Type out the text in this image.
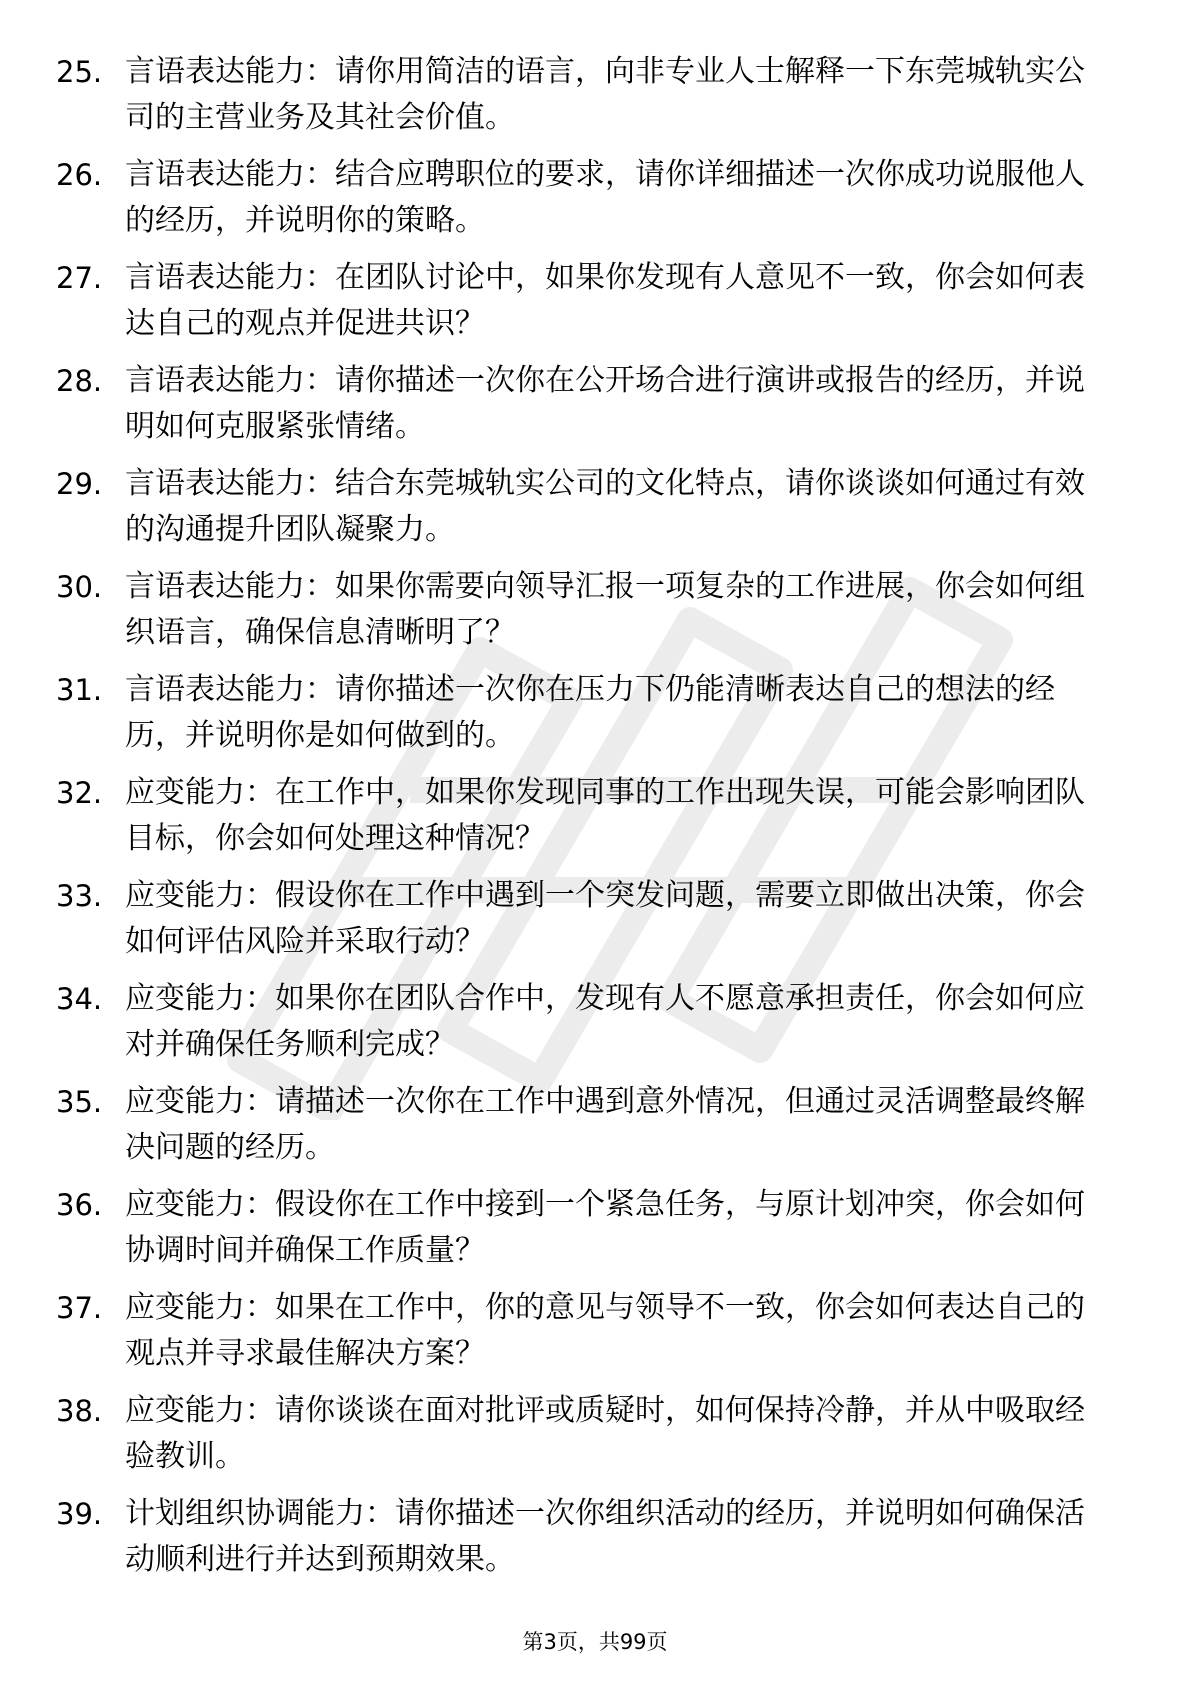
25. 言语表达能力：请你用简洁的语言，向非专业人士解释一下东莞城轨实公司的主营业务及其社会价值。
26. 言语表达能力：结合应聘职位的要求，请你详细描述一次你成功说服他人的经历，并说明你的策略。
27. 言语表达能力：在团队讨论中，如果你发现有人意见不一致，你会如何表达自己的观点并促进共识？
28. 言语表达能力：请你描述一次你在公开场合进行演讲或报告的经历，并说明如何克服紧张情绪。
29. 言语表达能力：结合东莞城轨实公司的文化特点，请你谈谈如何通过有效的沟通提升团队凝聚力。
30. 言语表达能力：如果你需要向领导汇报一项复杂的工作进展，你会如何组织语言，确保信息清晰明了？
31. 言语表达能力：请你描述一次你在压力下仍能清晰表达自己的想法的经历，并说明你是如何做到的。
32. 应变能力：在工作中，如果你发现同事的工作出现失误，可能会影响团队目标，你会如何处理这种情况？
33. 应变能力：假设你在工作中遇到一个突发问题，需要立即做出决策，你会如何评估风险并采取行动？
34. 应变能力：如果你在团队合作中，发现有人不愿意承担责任，你会如何应对并确保任务顺利完成？
35. 应变能力：请描述一次你在工作中遇到意外情况，但通过灵活调整最终解决问题的经历。
36. 应变能力：假设你在工作中接到一个紧急任务，与原计划冲突，你会如何协调时间并确保工作质量？
37. 应变能力：如果在工作中，你的意见与领导不一致，你会如何表达自己的观点并寻求最佳解决方案？
38. 应变能力：请你谈谈在面对批评或质疑时，如何保持冷静，并从中吸取经验教训。
39. 计划组织协调能力：请你描述一次你组织活动的经历，并说明如何确保活动顺利进行并达到预期效果。
第3页，共99页
